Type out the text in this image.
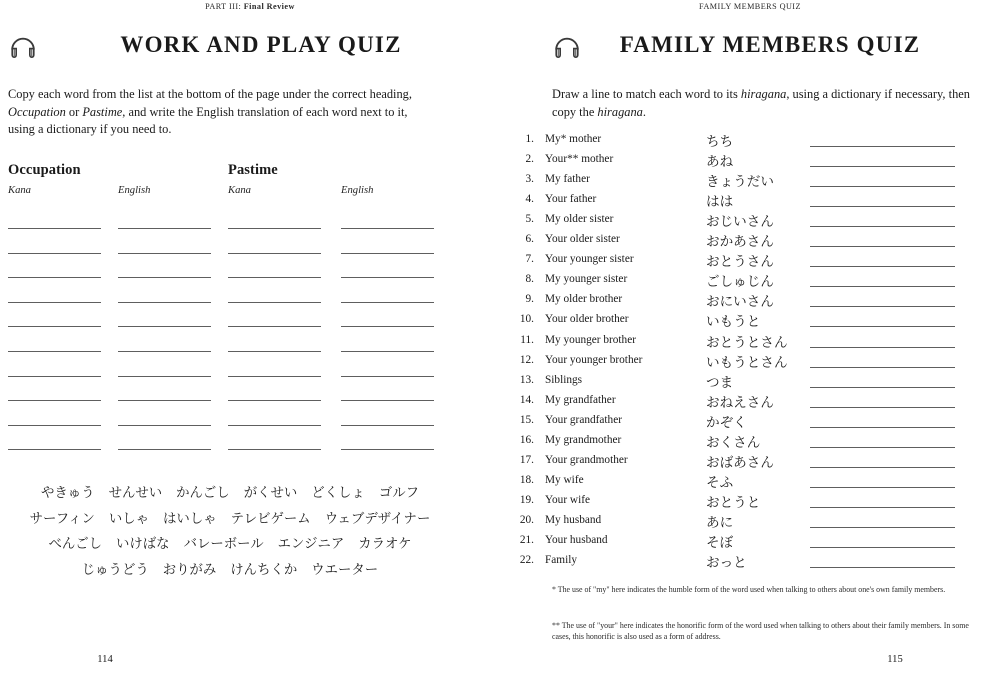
PART III: Final Review
WORK AND PLAY QUIZ
Copy each word from the list at the bottom of the page under the correct heading, Occupation or Pastime, and write the English translation of each word next to it, using a dictionary if you need to.
Occupation	Pastime
Kana	English	Kana	English
やきゅう せんせい かんごし がくせい どくしょ ゴルフ
サーフィン いしゃ はいしゃ テレビゲーム ウェブデザイナー
べんごし いけばな バレーボール エンジニア カラオケ
じゅうどう おりがみ けんちくか ウエーター
114
FAMILY MEMBERS QUIZ
FAMILY MEMBERS QUIZ
Draw a line to match each word to its hiragana, using a dictionary if necessary, then copy the hiragana.
1. My* mother	ちち
2. Your** mother	あね
3. My father	きょうだい
4. Your father	はは
5. My older sister	おじいさん
6. Your older sister	おかあさん
7. Your younger sister	おとうさん
8. My younger sister	ごしゅじん
9. My older brother	おにいさん
10. Your older brother	いもうと
11. My younger brother	おとうとさん
12. Your younger brother	いもうとさん
13. Siblings	つま
14. My grandfather	おねえさん
15. Your grandfather	かぞく
16. My grandmother	おくさん
17. Your grandmother	おばあさん
18. My wife	そふ
19. Your wife	おとうと
20. My husband	あに
21. Your husband	そぼ
22. Family	おっと
* The use of "my" here indicates the humble form of the word used when talking to others about one's own family members.
** The use of "your" here indicates the honorific form of the word used when talking to others about their family members. In some cases, this honorific is also used as a form of address.
115
